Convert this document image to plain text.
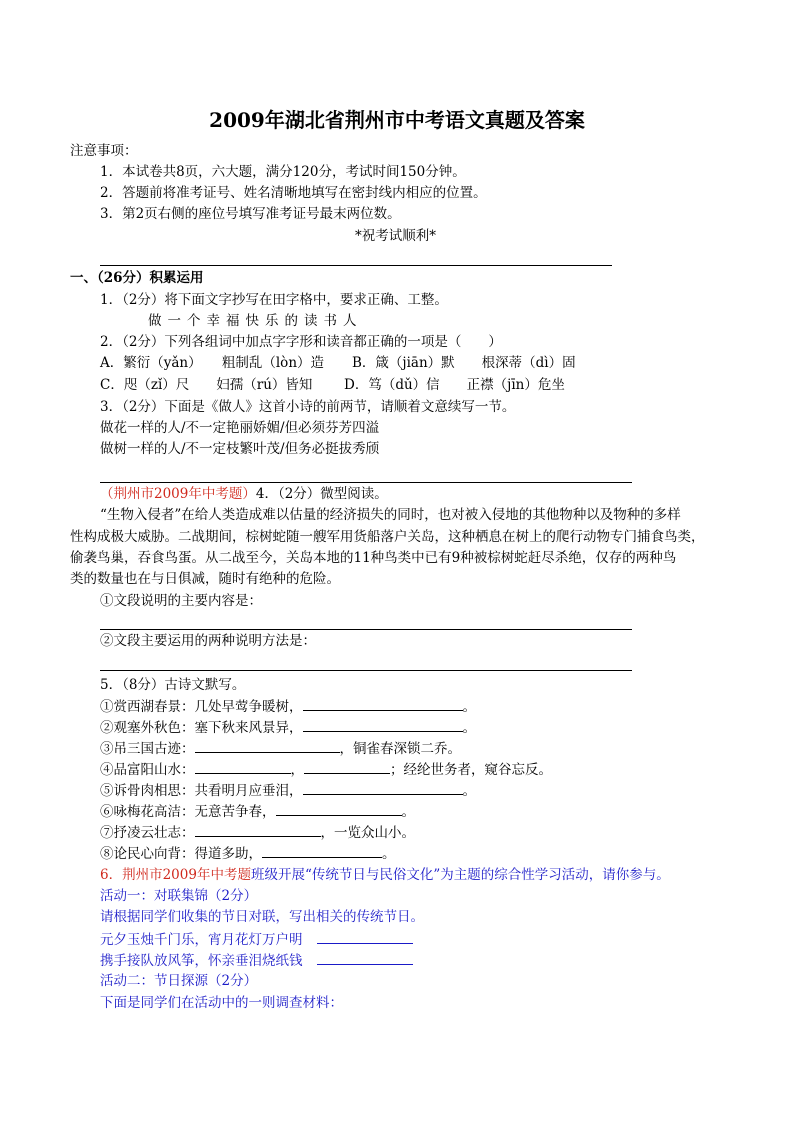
2009年湖北省荆州市中考语文真题及答案
注意事项：
1．本试卷共8页，六大题，满分120分，考试时间150分钟。
2．答题前将准考证号、姓名清晰地填写在密封线内相应的位置。
3．第2页右侧的座位号填写准考证号最末两位数。
*祝考试顺利*
一、（26分）积累运用
1．（2分）将下面文字抄写在田字格中，要求正确、工整。
做一个幸福快乐的读书人
2．（2分）下列各组词中加点字字形和读音都正确的一项是（　　）
A．繁衍（yǎn）　　粗制乱（lòn）造 B．箴（jiān）默　　根深蒂（dì）固
C．咫（zǐ）尺　　妇孺（rú）皆知 D．笃（dǔ）信　　正襟（jīn）危坐
3．（2分）下面是《做人》这首小诗的前两节，请顺着文意续写一节。
做花一样的人/不一定艳丽娇媚/但必须芬芳四溢
做树一样的人/不一定枝繁叶茂/但务必挺拔秀颀
（荆州市2009年中考题）4．（2分）微型阅读。
“生物入侵者”在给人类造成难以估量的经济损失的同时，也对被入侵地的其他物种以及物种的多样
性构成极大威胁。二战期间，棕树蛇随一艘军用货船落户关岛，这种栖息在树上的爬行动物专门捕食鸟类，
偷袭鸟巢，吞食鸟蛋。从二战至今，关岛本地的11种鸟类中已有9种被棕树蛇赶尽杀绝，仅存的两种鸟
类的数量也在与日俱减，随时有绝种的危险。
①文段说明的主要内容是：
②文段主要运用的两种说明方法是：
5．（8分）古诗文默写。
①赏西湖春景：几处早莺争暖树，	。
②观塞外秋色：塞下秋来风景异，	。
③吊三国古迹：	，铜雀春深锁二乔。
④品富阳山水：	，	；经纶世务者，窥谷忘反。
⑤诉骨肉相思：共看明月应垂泪，	。
⑥咏梅花高洁：无意苦争春，	。
⑦抒凌云壮志：	，一览众山小。
⑧论民心向背：得道多助，	。
6．荆州市2009年中考题班级开展“传统节日与民俗文化”为主题的综合性学习活动，请你参与。
活动一：对联集锦（2分）
请根据同学们收集的节日对联，写出相关的传统节日。
元夕玉烛千门乐，宵月花灯万户明
携手接队放风筝，怀亲垂泪烧纸钱
活动二：节日探源（2分）
下面是同学们在活动中的一则调查材料：
